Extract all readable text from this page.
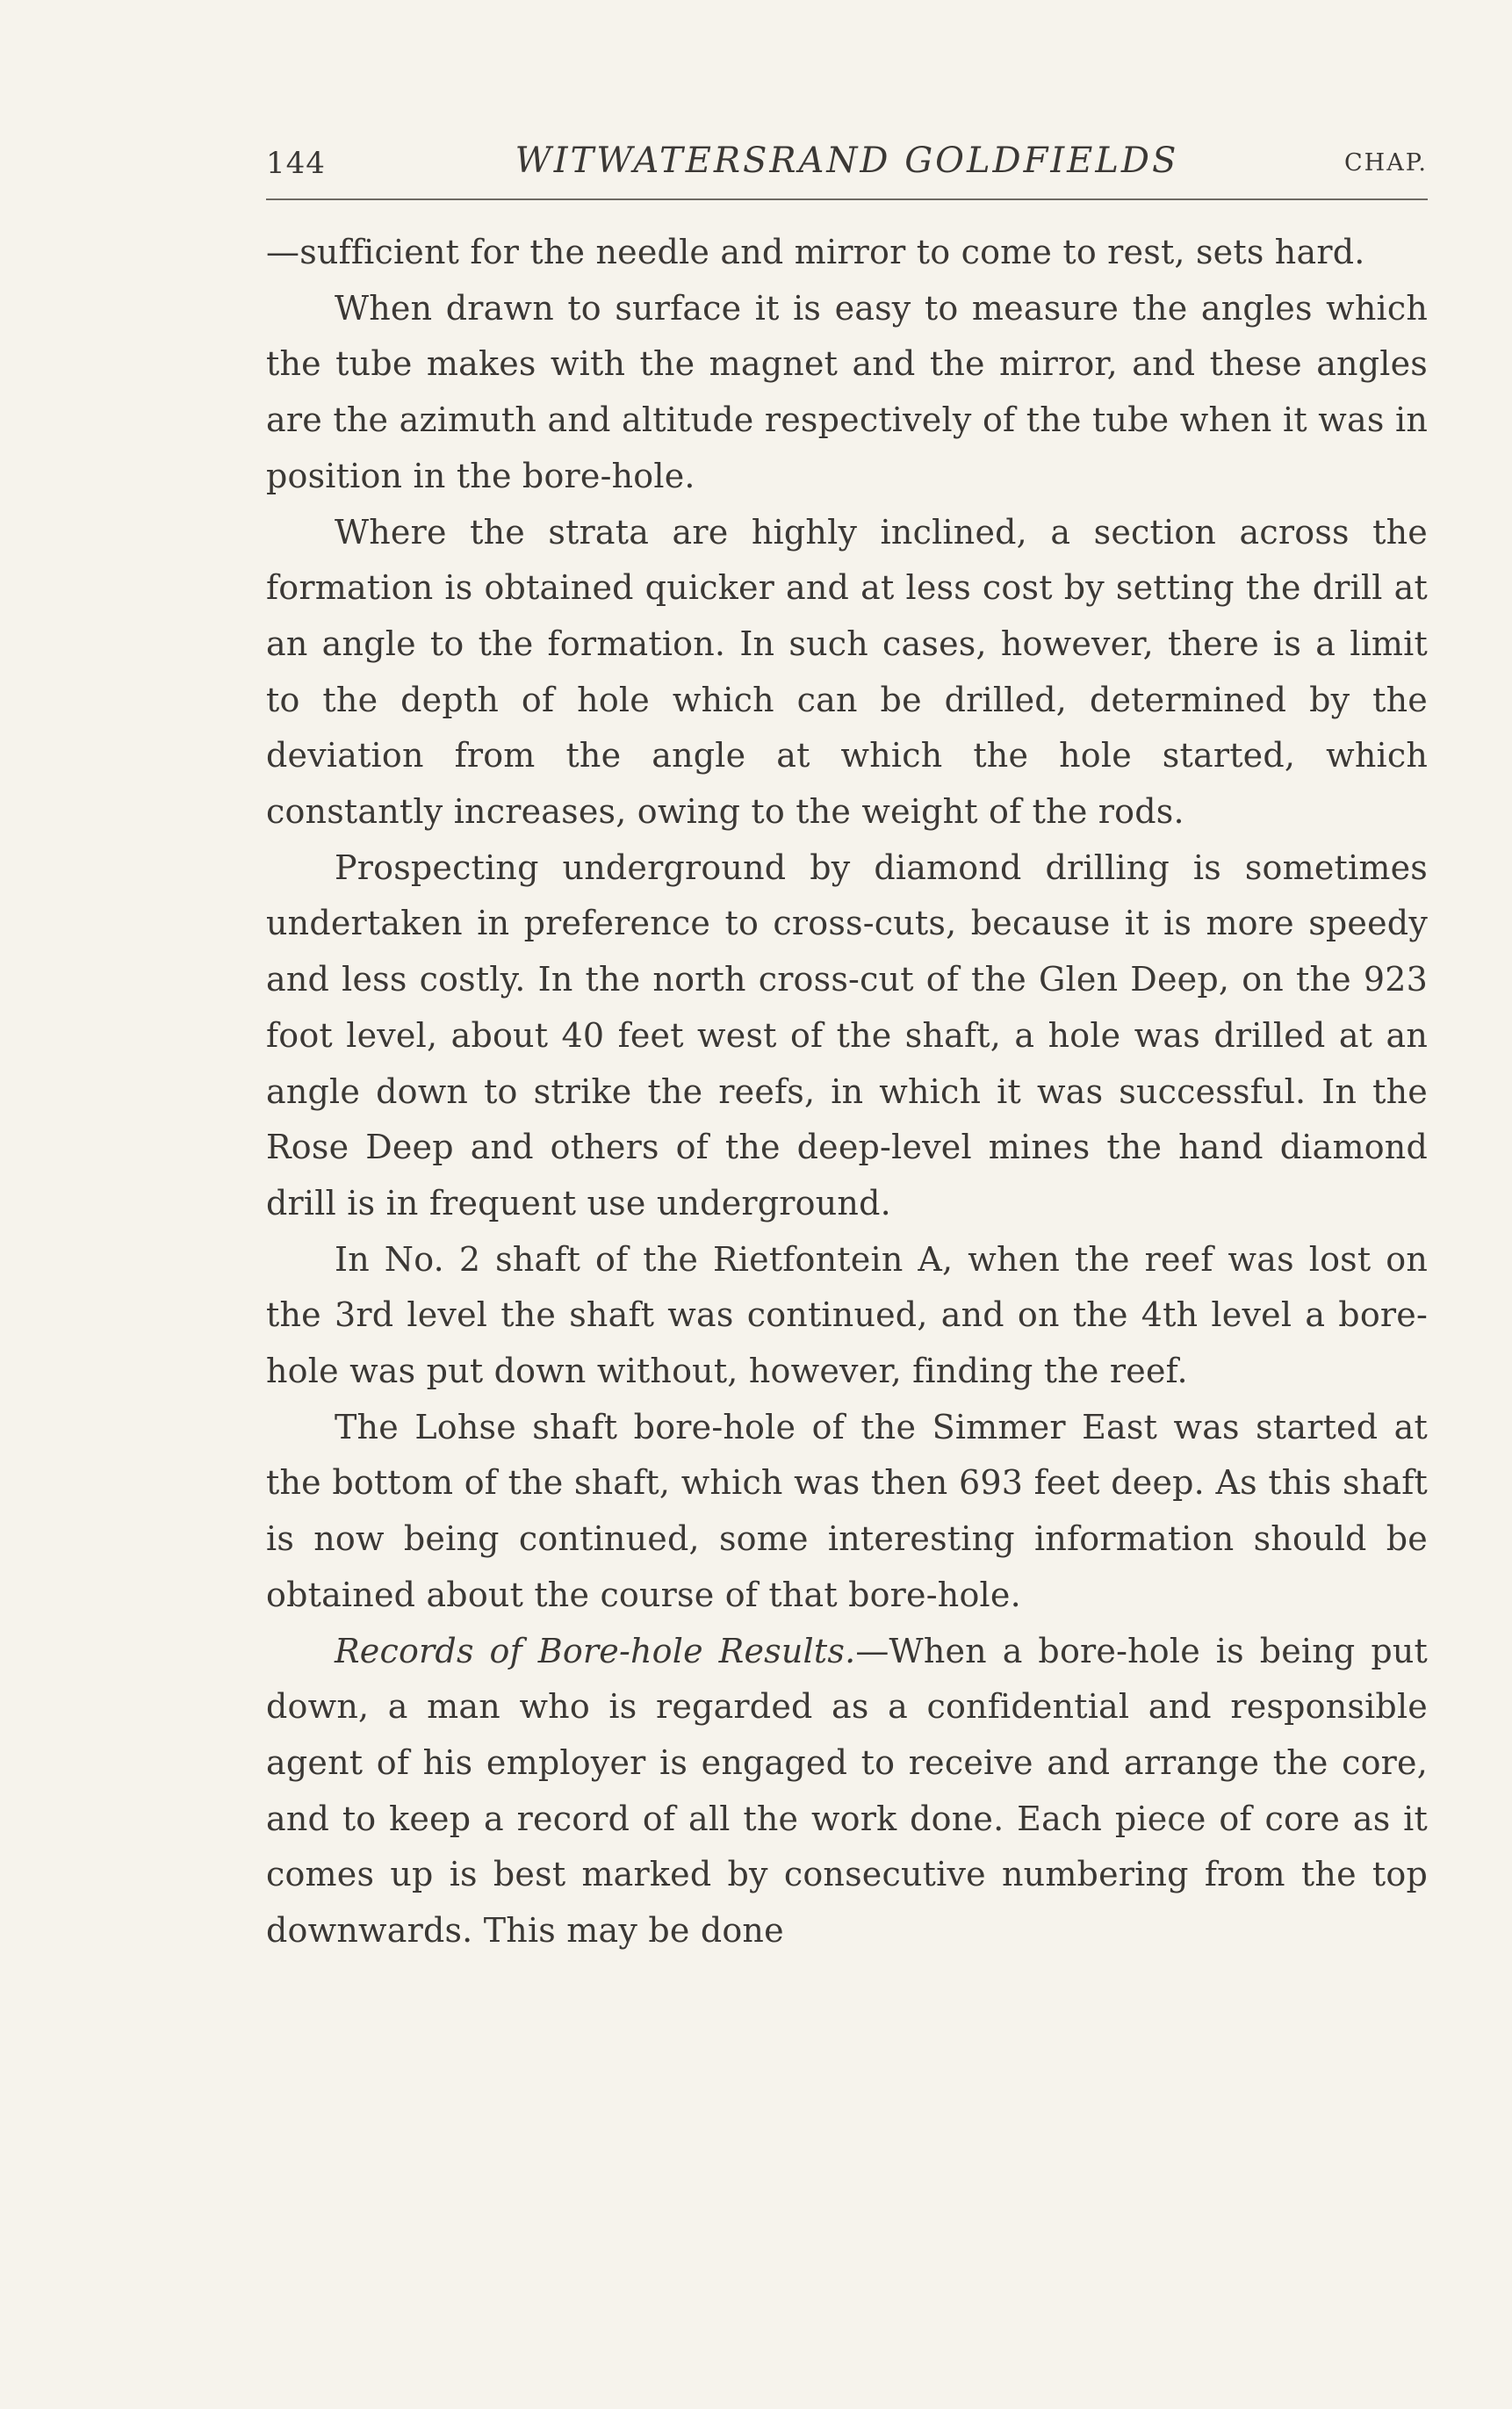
144	WITWATERSRAND GOLDFIELDS	CHAP.

—sufficient for the needle and mirror to come to rest, sets hard.

When drawn to surface it is easy to measure the angles which the tube makes with the magnet and the mirror, and these angles are the azimuth and altitude respectively of the tube when it was in position in the bore-hole.

Where the strata are highly inclined, a section across the formation is obtained quicker and at less cost by setting the drill at an angle to the formation. In such cases, however, there is a limit to the depth of hole which can be drilled, determined by the deviation from the angle at which the hole started, which constantly increases, owing to the weight of the rods.

Prospecting underground by diamond drilling is sometimes undertaken in preference to cross-cuts, because it is more speedy and less costly. In the north cross-cut of the Glen Deep, on the 923 foot level, about 40 feet west of the shaft, a hole was drilled at an angle down to strike the reefs, in which it was successful. In the Rose Deep and others of the deep-level mines the hand diamond drill is in frequent use underground.

In No. 2 shaft of the Rietfontein A, when the reef was lost on the 3rd level the shaft was continued, and on the 4th level a bore-hole was put down without, however, finding the reef.

The Lohse shaft bore-hole of the Simmer East was started at the bottom of the shaft, which was then 693 feet deep. As this shaft is now being continued, some interesting information should be obtained about the course of that bore-hole.

Records of Bore-hole Results.—When a bore-hole is being put down, a man who is regarded as a confidential and responsible agent of his employer is engaged to receive and arrange the core, and to keep a record of all the work done. Each piece of core as it comes up is best marked by consecutive numbering from the top downwards. This may be done
